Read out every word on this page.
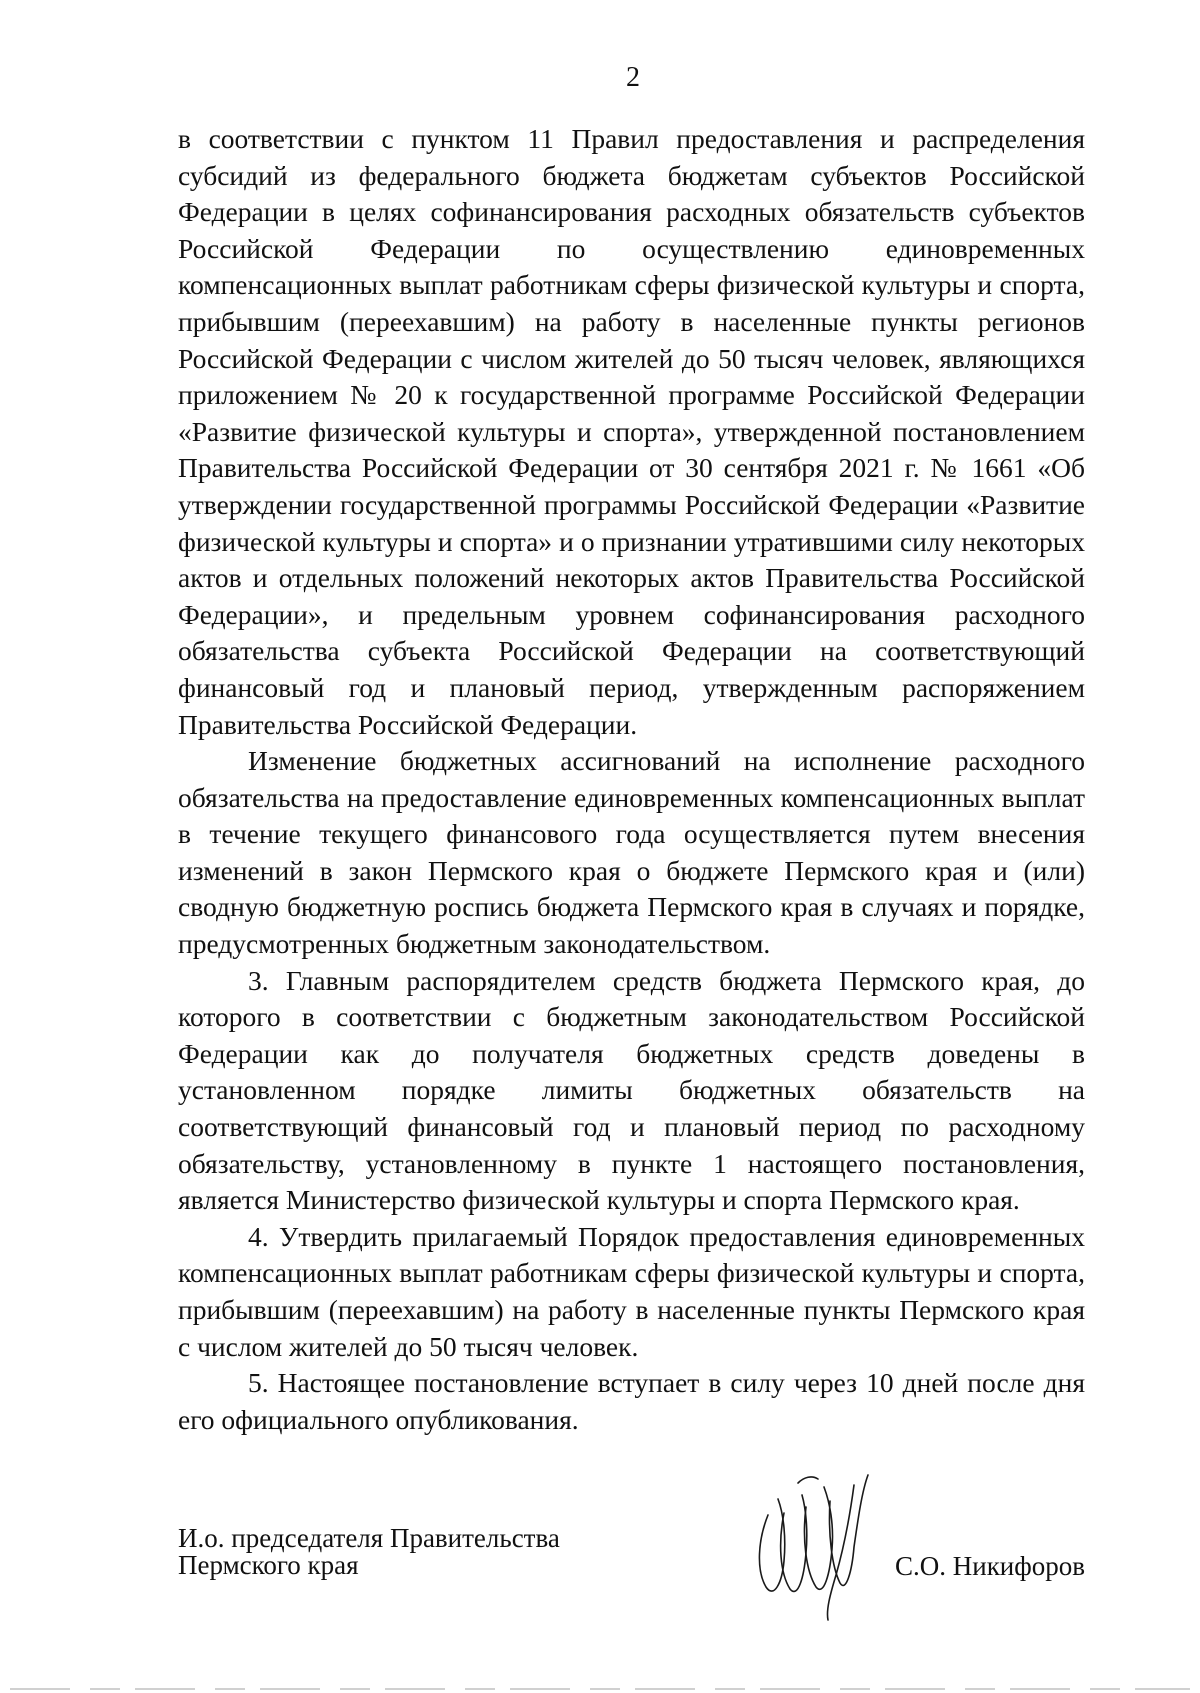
2

в соответствии с пунктом 11 Правил предоставления и распределения субсидий из федерального бюджета бюджетам субъектов Российской Федерации в целях софинансирования расходных обязательств субъектов Российской Федерации по осуществлению единовременных компенсационных выплат работникам сферы физической культуры и спорта, прибывшим (переехавшим) на работу в населенные пункты регионов Российской Федерации с числом жителей до 50 тысяч человек, являющихся приложением № 20 к государственной программе Российской Федерации «Развитие физической культуры и спорта», утвержденной постановлением Правительства Российской Федерации от 30 сентября 2021 г. № 1661 «Об утверждении государственной программы Российской Федерации «Развитие физической культуры и спорта» и о признании утратившими силу некоторых актов и отдельных положений некоторых актов Правительства Российской Федерации», и предельным уровнем софинансирования расходного обязательства субъекта Российской Федерации на соответствующий финансовый год и плановый период, утвержденным распоряжением Правительства Российской Федерации.

Изменение бюджетных ассигнований на исполнение расходного обязательства на предоставление единовременных компенсационных выплат в течение текущего финансового года осуществляется путем внесения изменений в закон Пермского края о бюджете Пермского края и (или) сводную бюджетную роспись бюджета Пермского края в случаях и порядке, предусмотренных бюджетным законодательством.

3. Главным распорядителем средств бюджета Пермского края, до которого в соответствии с бюджетным законодательством Российской Федерации как до получателя бюджетных средств доведены в установленном порядке лимиты бюджетных обязательств на соответствующий финансовый год и плановый период по расходному обязательству, установленному в пункте 1 настоящего постановления, является Министерство физической культуры и спорта Пермского края.

4. Утвердить прилагаемый Порядок предоставления единовременных компенсационных выплат работникам сферы физической культуры и спорта, прибывшим (переехавшим) на работу в населенные пункты Пермского края с числом жителей до 50 тысяч человек.

5. Настоящее постановление вступает в силу через 10 дней после дня его официального опубликования.

И.о. председателя Правительства
Пермского края	С.О. Никифоров
